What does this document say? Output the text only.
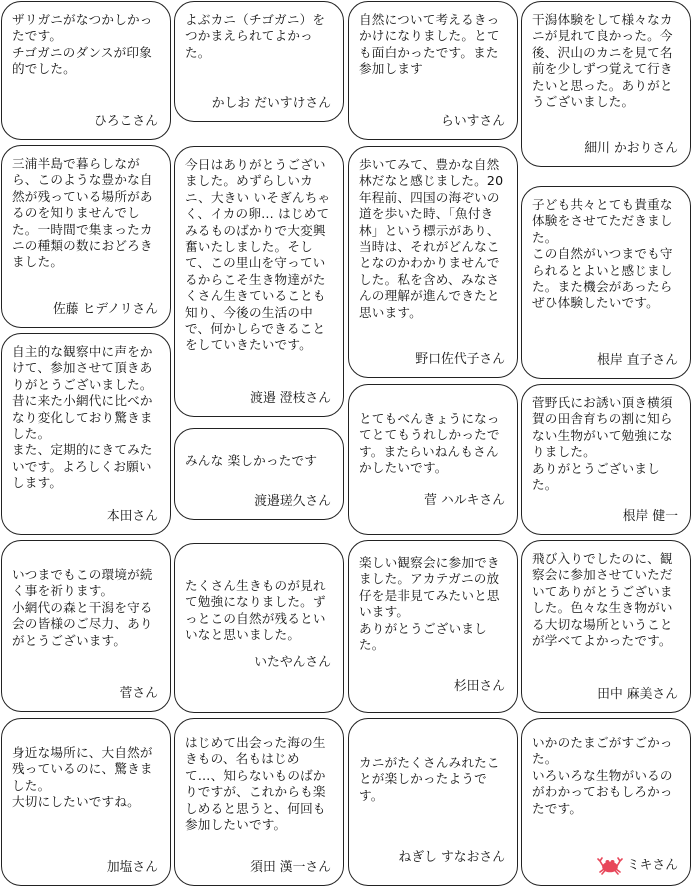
ザリガニがなつかしかったです。
チゴガニのダンスが印象的でした。

ひろこさん

三浦半島で暮らしながら、このような豊かな自然が残っている場所があるのを知りませんでした。一時間で集まったカニの種類の数におどろきました。

佐藤 ヒデノリさん

自主的な観察中に声をかけて、参加させて頂きありがとうございました。昔に来た小網代に比べかなり変化しており驚きました。
また、定期的にきてみたいです。よろしくお願いします。

本田さん

いつまでもこの環境が続く事を祈ります。
小網代の森と干潟を守る会の皆様のご尽力、ありがとうございます。

菅さん

身近な場所に、大自然が残っているのに、驚きました。
大切にしたいですね。

加塩さん

よぶカニ（チゴガニ）をつかまえられてよかった。

かしお だいすけさん

今日はありがとうございました。めずらしいカニ、大きい いそぎんちゃく、イカの卵… はじめてみるものばかりで大変興奮いたしました。そして、この里山を守っているからこそ生き物達がたくさん生きていることも知り、今後の生活の中で、何かしらできることをしていきたいです。

渡邉 澄枝さん

みんな 楽しかったです

渡邉瑳久さん

たくさん生きものが見れて勉強になりました。ずっとこの自然が残るといいなと思いました。

いたやんさん

はじめて出会った海の生きもの、名もはじめて…、知らないものばかりですが、これからも楽しめると思うと、何回も参加したいです。

須田 漢一さん

自然について考えるきっかけになりました。とても面白かったです。また参加します

らいすさん

歩いてみて、豊かな自然林だなと感じました。20年程前、四国の海ぞいの道を歩いた時、「魚付き林」という標示があり、当時は、それがどんなことなのかわかりませんでした。私を含め、みなさんの理解が進んできたと思います。

野口佐代子さん

とてもべんきょうになってとてもうれしかったです。またらいねんもさんかしたいです。

菅 ハルキさん

楽しい観察会に参加できました。アカテガニの放仔を是非見てみたいと思います。
ありがとうございました。

杉田さん

カニがたくさんみれたことが楽しかったようです。

ねぎし すなおさん

干潟体験をして様々なカニが見れて良かった。今後、沢山のカニを見て名前を少しずつ覚えて行きたいと思った。ありがとうございました。

細川 かおりさん

子ども共々とても貴重な体験をさせてただきました。
この自然がいつまでも守られるとよいと感じました。また機会があったらぜひ体験したいです。

根岸 直子さん

菅野氏にお誘い頂き横須賀の田舎育ちの割に知らない生物がいて勉強になりました。
ありがとうございました。

根岸 健一

飛び入りでしたのに、観察会に参加させていただいてありがとうございました。色々な生き物がいる大切な場所ということが学べてよかったです。

田中 麻美さん

いかのたまごがすごかった。
いろいろな生物がいるのがわかっておもしろかったです。

ミキさん
